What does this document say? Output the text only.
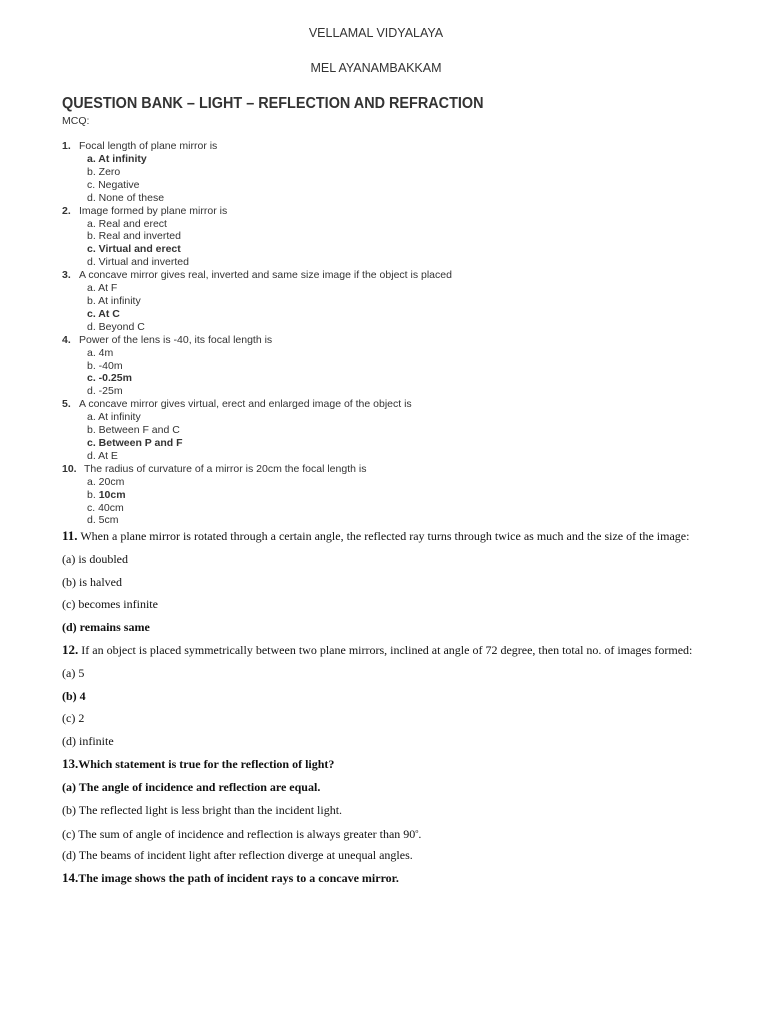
VELLAMAL VIDYALAYA
MEL AYANAMBAKKAM
QUESTION BANK – LIGHT – REFLECTION AND REFRACTION
MCQ:
1. Focal length of plane mirror is
a. At infinity
b. Zero
c. Negative
d. None of these
2. Image formed by plane mirror is
a. Real and erect
b. Real and inverted
c. Virtual and erect
d. Virtual and inverted
3. A concave mirror gives real, inverted and same size image if the object is placed
a. At F
b. At infinity
c. At C
d. Beyond C
4. Power of the lens is -40, its focal length is
a. 4m
b. -40m
c. -0.25m
d. -25m
5. A concave mirror gives virtual, erect and enlarged image of the object is
a. At infinity
b. Between F and C
c. Between P and F
d. At E
10. The radius of curvature of a mirror is 20cm the focal length is
a. 20cm
b. 10cm
c. 40cm
d. 5cm
11. When a plane mirror is rotated through a certain angle, the reflected ray turns through twice as much and the size of the image:
(a) is doubled
(b) is halved
(c) becomes infinite
(d) remains same
12. If an object is placed symmetrically between two plane mirrors, inclined at angle of 72 degree, then total no. of images formed:
(a) 5
(b) 4
(c) 2
(d) infinite
13.Which statement is true for the reflection of light?
(a) The angle of incidence and reflection are equal.
(b) The reflected light is less bright than the incident light.
(c) The sum of angle of incidence and reflection is always greater than 90$^o$.
(d) The beams of incident light after reflection diverge at unequal angles.
14.The image shows the path of incident rays to a concave mirror.
